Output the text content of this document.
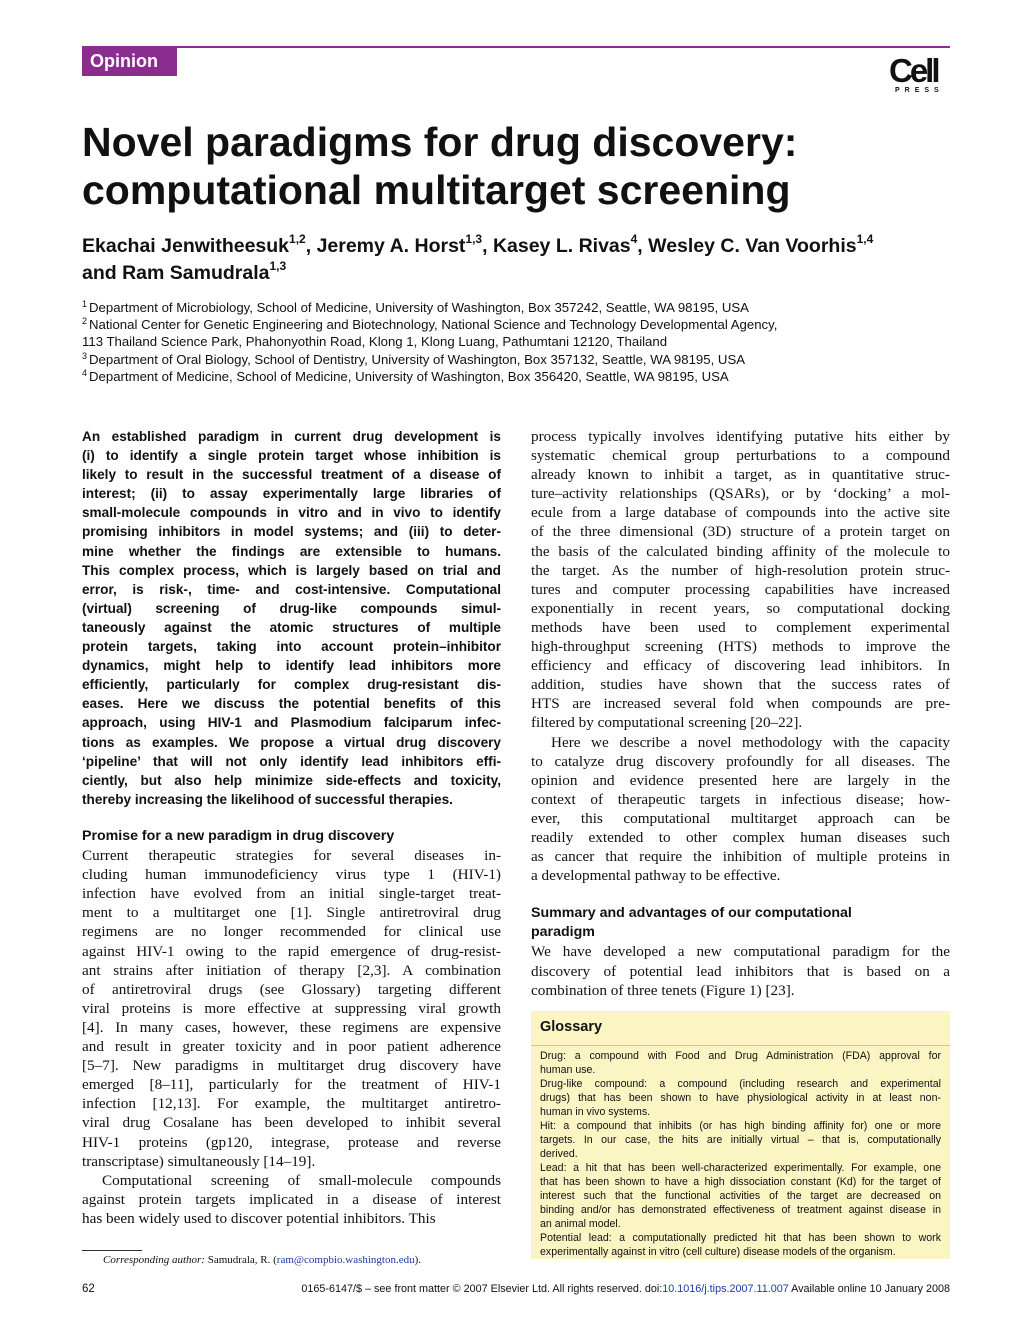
Opinion	Cell
PRESS
Novel paradigms for drug discovery:
computational multitarget screening
Ekachai Jenwitheesuk$^{1,2}$, Jeremy A. Horst$^{1,3}$, Kasey L. Rivas$^4$, Wesley C. Van Voorhis$^{1,4}$
and Ram Samudrala$^{1,3}$
$^1$ Department of Microbiology, School of Medicine, University of Washington, Box 357242, Seattle, WA 98195, USA
$^2$ National Center for Genetic Engineering and Biotechnology, National Science and Technology Developmental Agency,
113 Thailand Science Park, Phahonyothin Road, Klong 1, Klong Luang, Pathumtani 12120, Thailand
$^3$ Department of Oral Biology, School of Dentistry, University of Washington, Box 357132, Seattle, WA 98195, USA
$^4$ Department of Medicine, School of Medicine, University of Washington, Box 356420, Seattle, WA 98195, USA
An established paradigm in current drug development is
(i) to identify a single protein target whose inhibition is
likely to result in the successful treatment of a disease of
interest; (ii) to assay experimentally large libraries of
small-molecule compounds in vitro and in vivo to identify
promising inhibitors in model systems; and (iii) to deter-
mine whether the findings are extensible to humans.
This complex process, which is largely based on trial and
error, is risk-, time- and cost-intensive. Computational
(virtual) screening of drug-like compounds simul-
taneously against the atomic structures of multiple
protein targets, taking into account protein–inhibitor
dynamics, might help to identify lead inhibitors more
efficiently, particularly for complex drug-resistant dis-
eases. Here we discuss the potential benefits of this
approach, using HIV-1 and Plasmodium falciparum infec-
tions as examples. We propose a virtual drug discovery
‘pipeline’ that will not only identify lead inhibitors effi-
ciently, but also help minimize side-effects and toxicity,
thereby increasing the likelihood of successful therapies.
Promise for a new paradigm in drug discovery
Current therapeutic strategies for several diseases in-
cluding human immunodeficiency virus type 1 (HIV-1)
infection have evolved from an initial single-target treat-
ment to a multitarget one [1]. Single antiretroviral drug
regimens are no longer recommended for clinical use
against HIV-1 owing to the rapid emergence of drug-resist-
ant strains after initiation of therapy [2,3]. A combination
of antiretroviral drugs (see Glossary) targeting different
viral proteins is more effective at suppressing viral growth
[4]. In many cases, however, these regimens are expensive
and result in greater toxicity and in poor patient adherence
[5–7]. New paradigms in multitarget drug discovery have
emerged [8–11], particularly for the treatment of HIV-1
infection [12,13]. For example, the multitarget antiretro-
viral drug Cosalane has been developed to inhibit several
HIV-1 proteins (gp120, integrase, protease and reverse
transcriptase) simultaneously [14–19].
Computational screening of small-molecule compounds
against protein targets implicated in a disease of interest
has been widely used to discover potential inhibitors. This
process typically involves identifying putative hits either by
systematic chemical group perturbations to a compound
already known to inhibit a target, as in quantitative struc-
ture–activity relationships (QSARs), or by ‘docking’ a mol-
ecule from a large database of compounds into the active site
of the three dimensional (3D) structure of a protein target on
the basis of the calculated binding affinity of the molecule to
the target. As the number of high-resolution protein struc-
tures and computer processing capabilities have increased
exponentially in recent years, so computational docking
methods have been used to complement experimental
high-throughput screening (HTS) methods to improve the
efficiency and efficacy of discovering lead inhibitors. In
addition, studies have shown that the success rates of
HTS are increased several fold when compounds are pre-
filtered by computational screening [20–22].
Here we describe a novel methodology with the capacity
to catalyze drug discovery profoundly for all diseases. The
opinion and evidence presented here are largely in the
context of therapeutic targets in infectious disease; how-
ever, this computational multitarget approach can be
readily extended to other complex human diseases such
as cancer that require the inhibition of multiple proteins in
a developmental pathway to be effective.
Summary and advantages of our computational
paradigm
We have developed a new computational paradigm for the
discovery of potential lead inhibitors that is based on a
combination of three tenets (Figure 1) [23].
Glossary
Drug: a compound with Food and Drug Administration (FDA) approval for
human use.
Drug-like compound: a compound (including research and experimental
drugs) that has been shown to have physiological activity in at least non-
human in vivo systems.
Hit: a compound that inhibits (or has high binding affinity for) one or more
targets. In our case, the hits are initially virtual – that is, computationally
derived.
Lead: a hit that has been well-characterized experimentally. For example, one
that has been shown to have a high dissociation constant (Kd) for the target of
interest such that the functional activities of the target are decreased on
binding and/or has demonstrated effectiveness of treatment against disease in
an animal model.
Potential lead: a computationally predicted hit that has been shown to work
experimentally against in vitro (cell culture) disease models of the organism.
Corresponding author: Samudrala, R. (ram@compbio.washington.edu).
62	0165-6147/$ – see front matter © 2007 Elsevier Ltd. All rights reserved. doi:10.1016/j.tips.2007.11.007 Available online 10 January 2008
